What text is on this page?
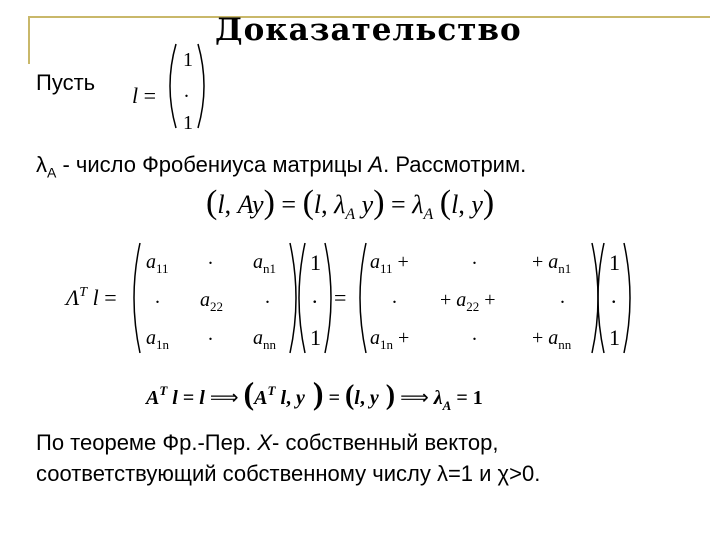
Доказательство
Пусть
$\lambda_A$ - число Фробениуса матрицы A. Рассмотрим.
По теореме Фр.-Пер. X- собственный вектор,
соответствующий собственному числу λ=1 и χ>0.
l =
1
.
1
(l, Ay) = (l, $\lambda_A$ $y) = \lambda_A$ (l, y)
$\Lambda^T$ l =
$a_{11}$ . $a_{n1}$
. $a_{22}$ .
$a_{1n}$ . $a_{nn}$
1
.
1
=
$a_{11}$ +	.	+ $a_{n1}$
. + $a_{22}$ +	.
$a_{1n}$ +	.	+ $a_{nn}$
1
.
1
$A^T$ l = l ⟹ ($A^T$ l, y ) = (l, y ) ⟹ $\lambda_A = 1$
